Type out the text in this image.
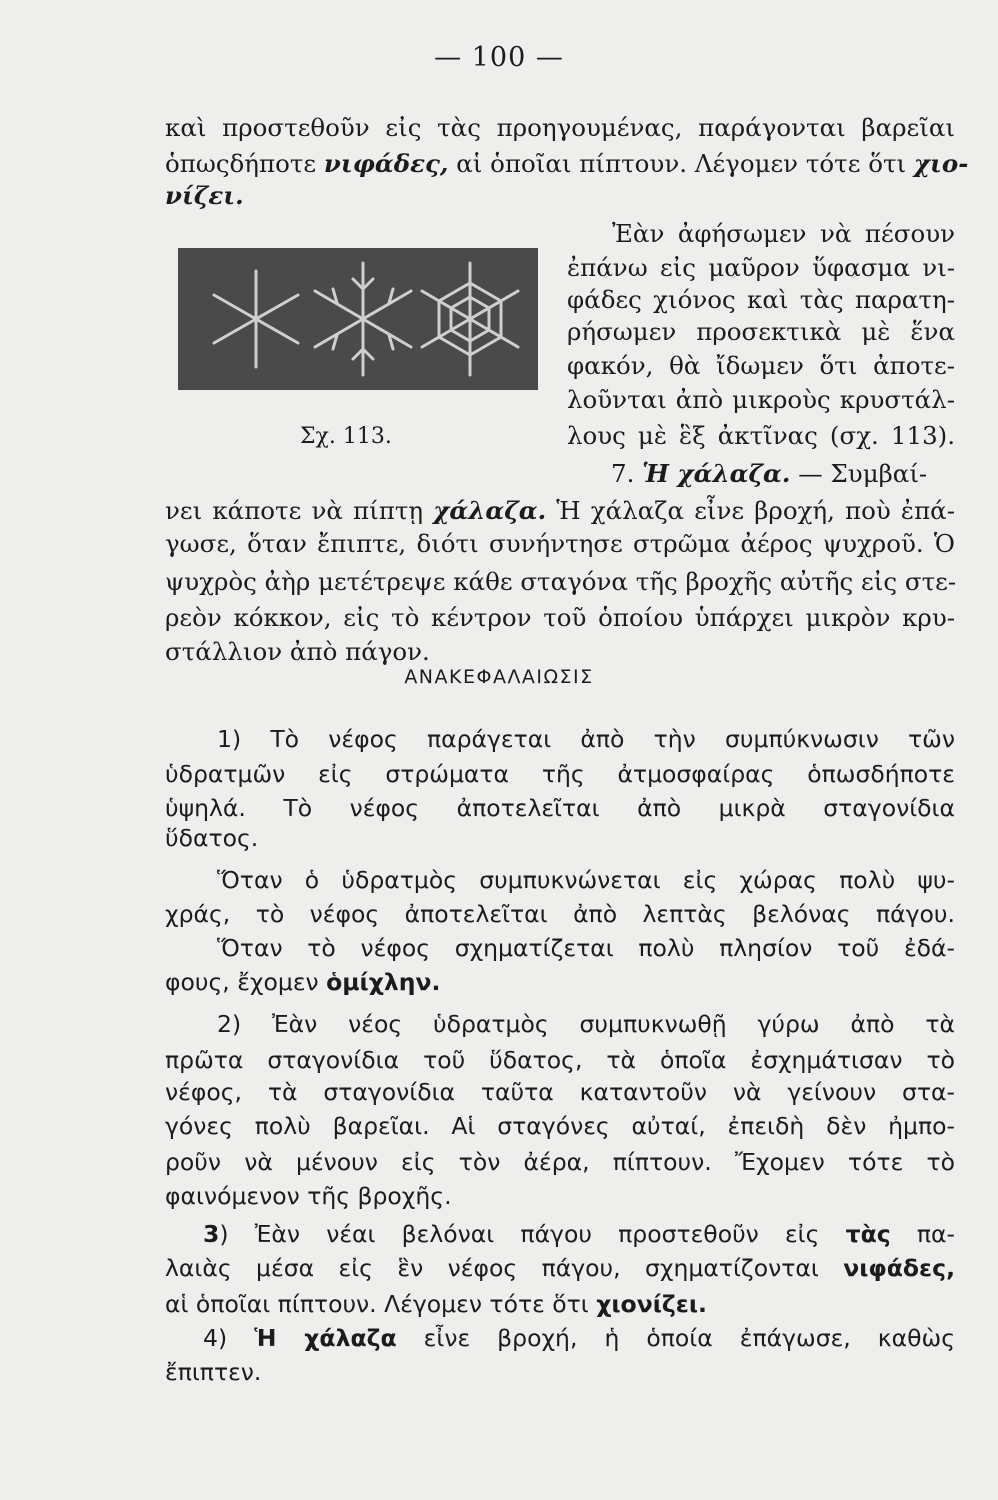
— 100 —
καὶ προστεθοῦν εἰς τὰς προηγουμένας, παράγονται βαρεῖαι
ὁπωςδήποτε νιφάδες, αἱ ὁποῖαι πίπτουν. Λέγομεν τότε ὅτι χιο-
νίζει.
Σχ. 113.
Ἐὰν ἀφήσωμεν νὰ πέσουν
ἐπάνω εἰς μαῦρον ὕφασμα νι-
φάδες χιόνος καὶ τὰς παρατη-
ρήσωμεν προσεκτικὰ μὲ ἕνα
φακόν, θὰ ἴδωμεν ὅτι ἀποτε-
λοῦνται ἀπὸ μικροὺς κρυστάλ-
λους μὲ ἓξ ἀκτῖνας (σχ. 113).
7. Ἡ χάλαζα. — Συμβαί-
νει κάποτε νὰ πίπτῃ χάλαζα. Ἡ χάλαζα εἶνε βροχή, ποὺ ἐπά-
γωσε, ὅταν ἔπιπτε, διότι συνήντησε στρῶμα ἀέρος ψυχροῦ. Ὁ
ψυχρὸς ἀὴρ μετέτρεψε κάθε σταγόνα τῆς βροχῆς αὐτῆς εἰς στε-
ρεὸν κόκκον, εἰς τὸ κέντρον τοῦ ὁποίου ὑπάρχει μικρὸν κρυ-
στάλλιον ἀπὸ πάγον.
ΑΝΑΚΕΦΑΛΑΙΩΣΙΣ
1) Τὸ νέφος παράγεται ἀπὸ τὴν συμπύκνωσιν τῶν
ὑδρατμῶν εἰς στρώματα τῆς ἀτμοσφαίρας ὁπωσδήποτε
ὑψηλά. Τὸ νέφος ἀποτελεῖται ἀπὸ μικρὰ σταγονίδια
ὕδατος.
Ὅταν ὁ ὑδρατμὸς συμπυκνώνεται εἰς χώρας πολὺ ψυ-
χράς, τὸ νέφος ἀποτελεῖται ἀπὸ λεπτὰς βελόνας πάγου.
Ὅταν τὸ νέφος σχηματίζεται πολὺ πλησίον τοῦ ἐδά-
φους, ἔχομεν ὁμίχλην.
2) Ἐὰν νέος ὑδρατμὸς συμπυκνωθῇ γύρω ἀπὸ τὰ
πρῶτα σταγονίδια τοῦ ὕδατος, τὰ ὁποῖα ἐσχημάτισαν τὸ
νέφος, τὰ σταγονίδια ταῦτα καταντοῦν νὰ γείνουν στα-
γόνες πολὺ βαρεῖαι. Αἱ σταγόνες αὐταί, ἐπειδὴ δὲν ἠμπο-
ροῦν νὰ μένουν εἰς τὸν ἀέρα, πίπτουν. Ἔχομεν τότε τὸ
φαινόμενον τῆς βροχῆς.
3) Ἐὰν νέαι βελόναι πάγου προστεθοῦν εἰς τὰς πα-
λαιὰς μέσα εἰς ἓν νέφος πάγου, σχηματίζονται νιφάδες,
αἱ ὁποῖαι πίπτουν. Λέγομεν τότε ὅτι χιονίζει.
4) Ἡ χάλαζα εἶνε βροχή, ἡ ὁποία ἐπάγωσε, καθὼς
ἔπιπτεν.
